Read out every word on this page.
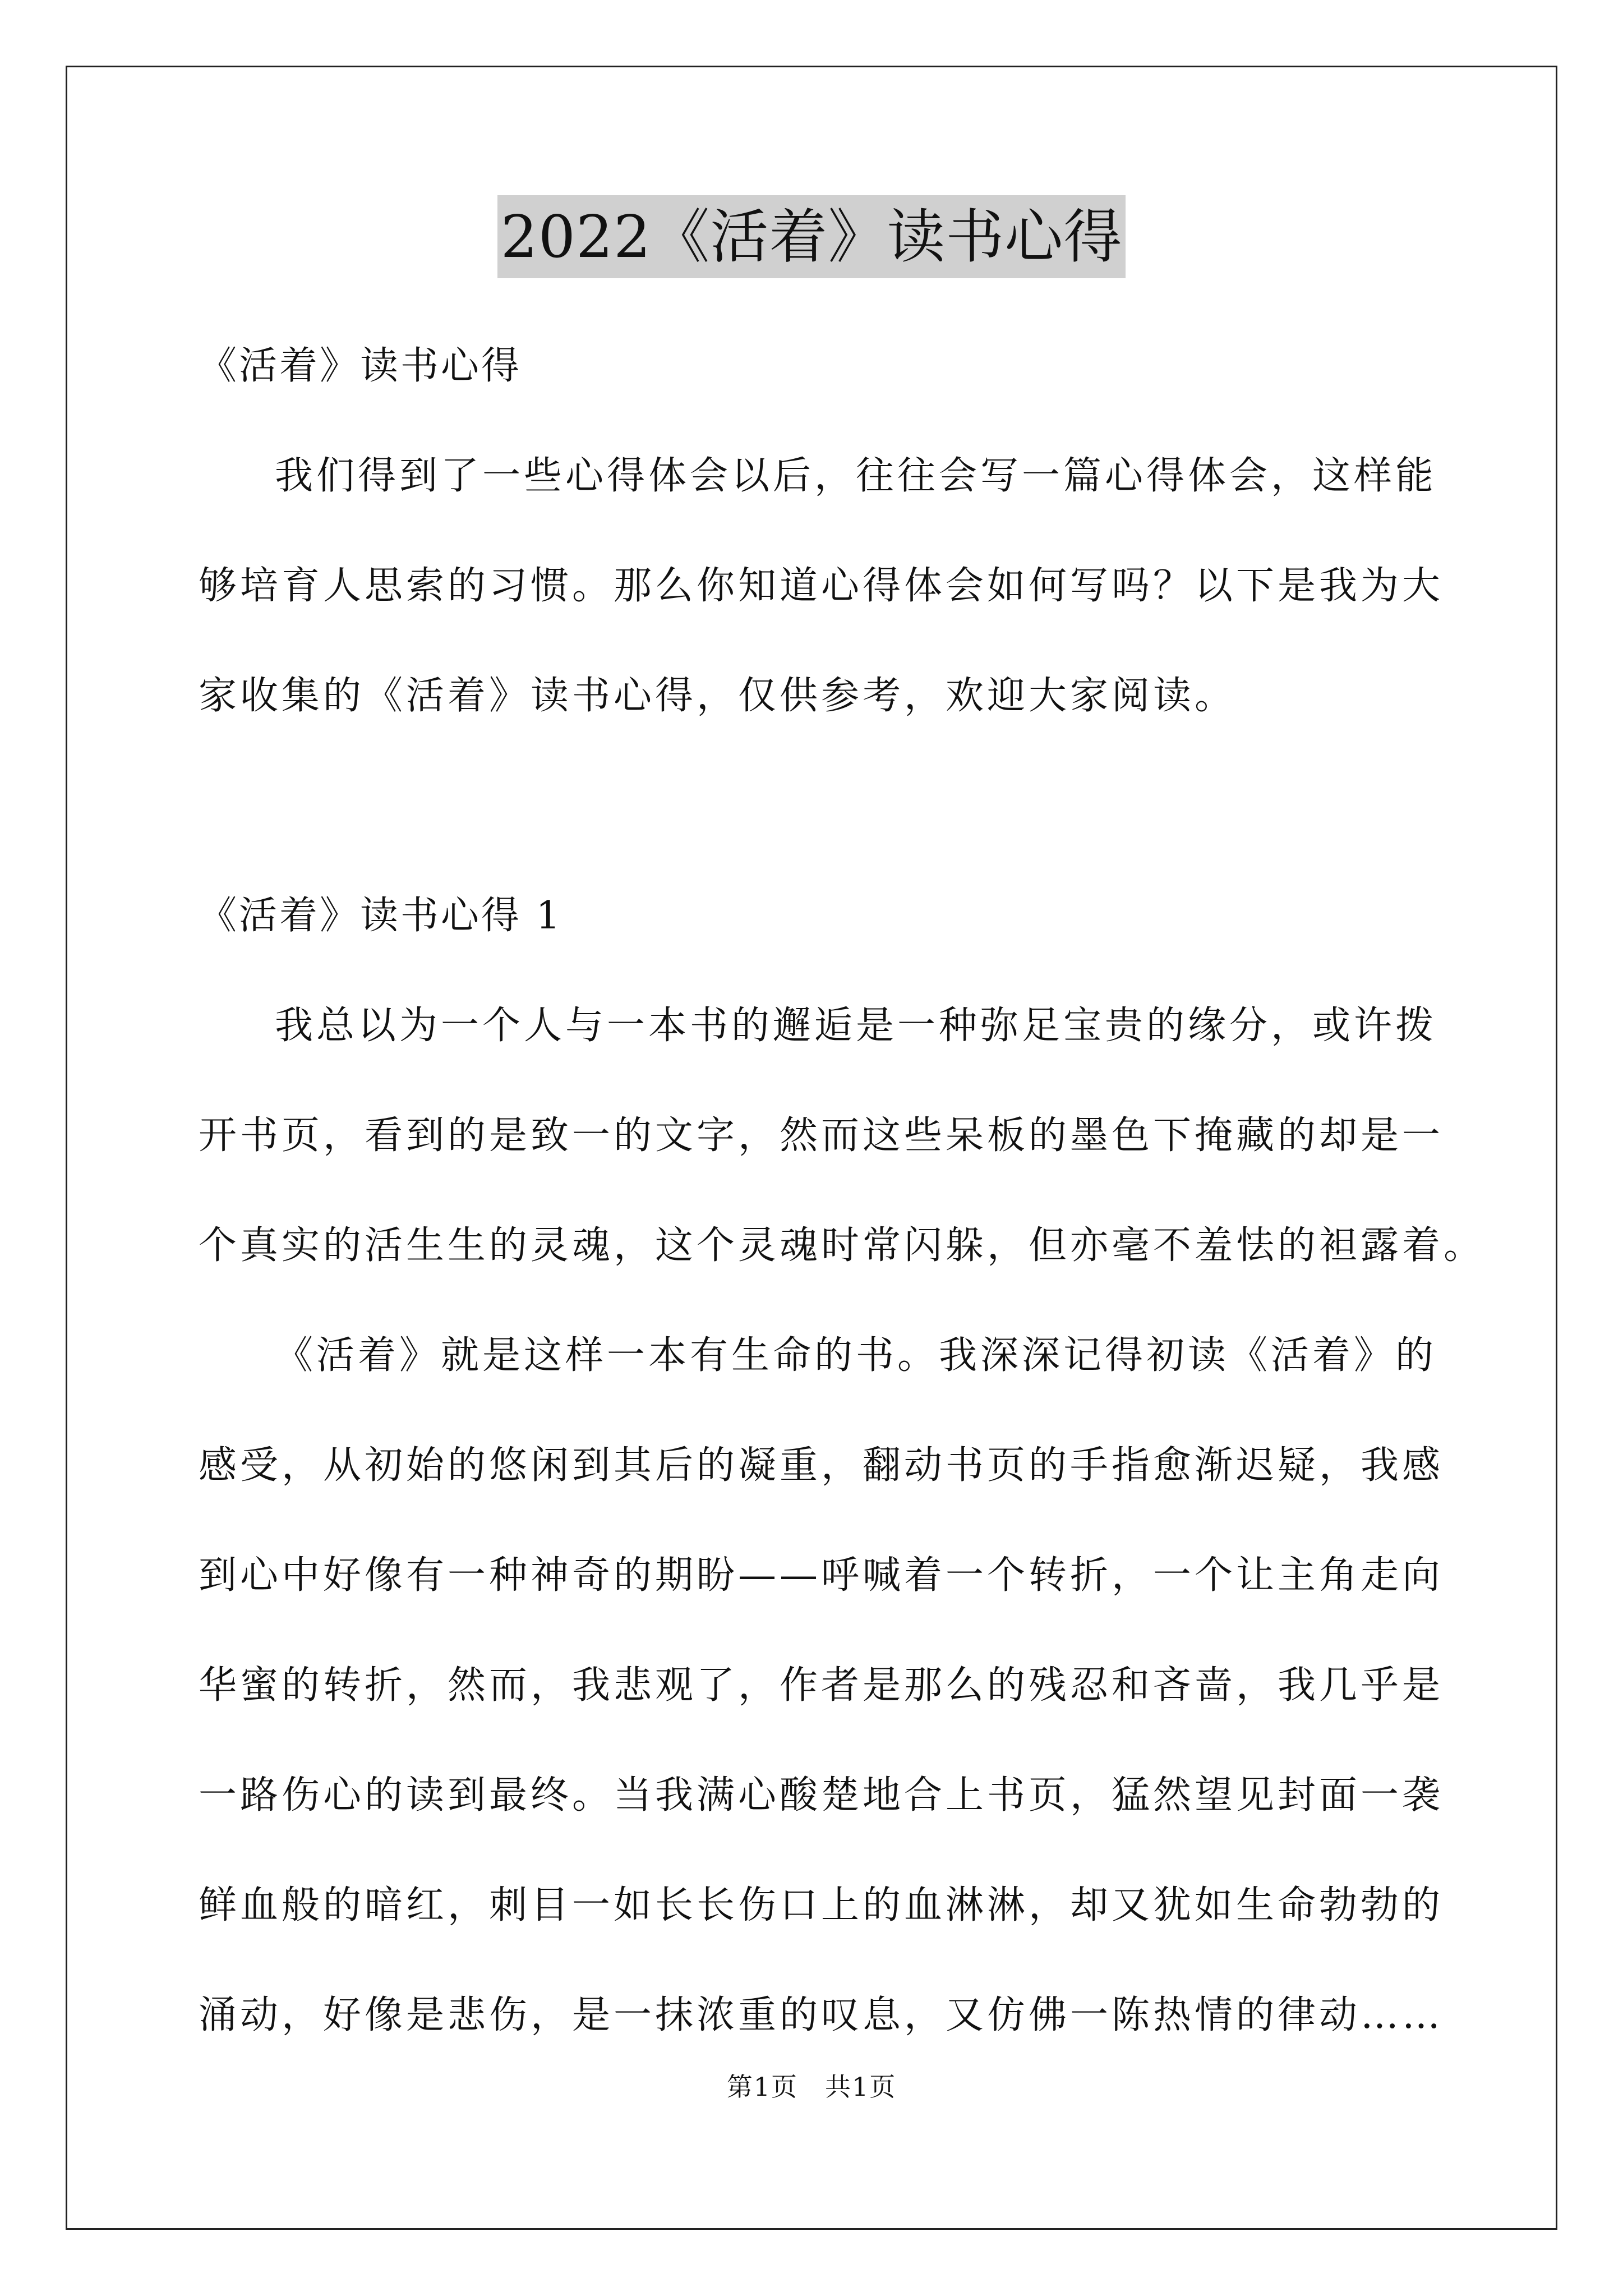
2022《活着》读书心得
《活着》读书心得
我们得到了一些心得体会以后，往往会写一篇心得体会，这样能
够培育人思索的习惯。那么你知道心得体会如何写吗？以下是我为大
家收集的《活着》读书心得，仅供参考，欢迎大家阅读。
《活着》读书心得 1
我总以为一个人与一本书的邂逅是一种弥足宝贵的缘分，或许拨
开书页，看到的是致一的文字，然而这些呆板的墨色下掩藏的却是一
个真实的活生生的灵魂，这个灵魂时常闪躲，但亦毫不羞怯的袒露着。
《活着》就是这样一本有生命的书。我深深记得初读《活着》的
感受，从初始的悠闲到其后的凝重，翻动书页的手指愈渐迟疑，我感
到心中好像有一种神奇的期盼——呼喊着一个转折，一个让主角走向
华蜜的转折，然而，我悲观了，作者是那么的残忍和吝啬，我几乎是
一路伤心的读到最终。当我满心酸楚地合上书页，猛然望见封面一袭
鲜血般的暗红，刺目一如长长伤口上的血淋淋，却又犹如生命勃勃的
涌动，好像是悲伤，是一抹浓重的叹息，又仿佛一陈热情的律动……
第1页　共1页
